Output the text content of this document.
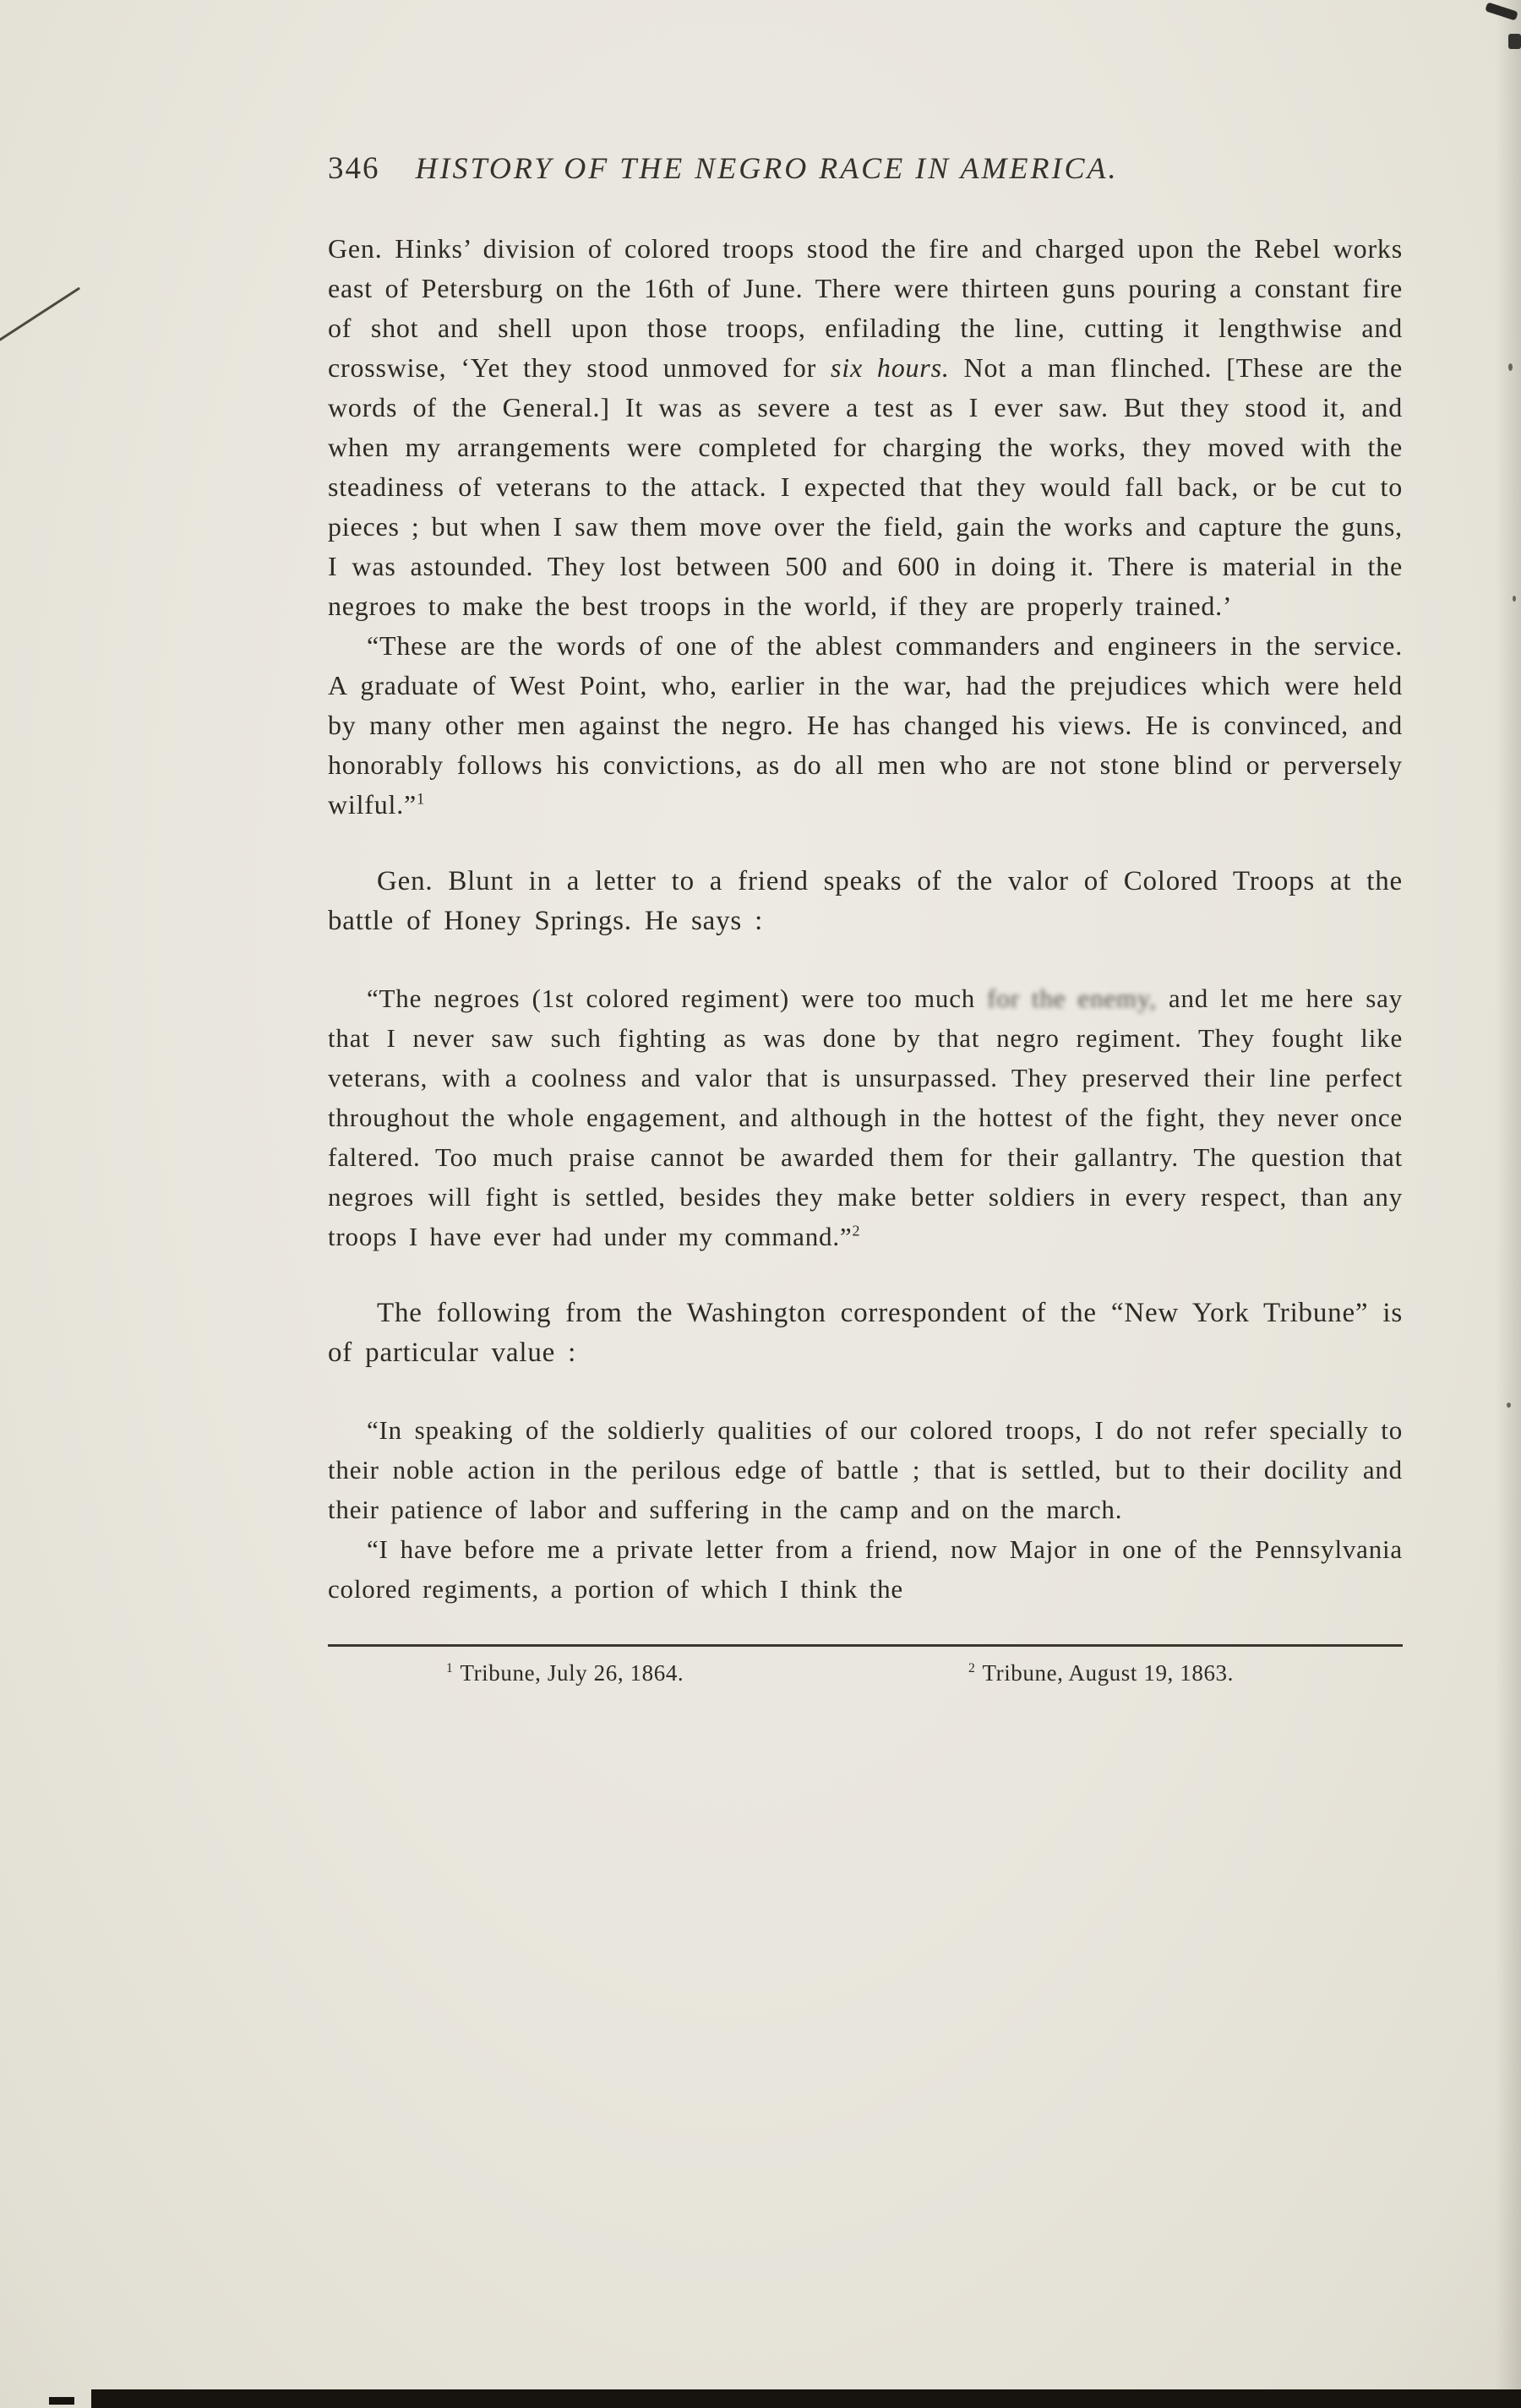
346 HISTORY OF THE NEGRO RACE IN AMERICA.

Gen. Hinks’ division of colored troops stood the fire and charged upon the Rebel works east of Petersburg on the 16th of June. There were thirteen guns pouring a constant fire of shot and shell upon those troops, enfilading the line, cutting it lengthwise and crosswise, ‘Yet they stood unmoved for six hours. Not a man flinched. [These are the words of the General.] It was as severe a test as I ever saw. But they stood it, and when my arrangements were completed for charging the works, they moved with the steadiness of veterans to the attack. I expected that they would fall back, or be cut to pieces ; but when I saw them move over the field, gain the works and capture the guns, I was astounded. They lost between 500 and 600 in doing it. There is material in the negroes to make the best troops in the world, if they are properly trained.’

“These are the words of one of the ablest commanders and engineers in the service. A graduate of West Point, who, earlier in the war, had the prejudices which were held by many other men against the negro. He has changed his views. He is convinced, and honorably follows his convictions, as do all men who are not stone blind or perversely wilful.”$^1$

Gen. Blunt in a letter to a friend speaks of the valor of Colored Troops at the battle of Honey Springs. He says :

“The negroes (1st colored regiment) were too much for the enemy, and let me here say that I never saw such fighting as was done by that negro regiment. They fought like veterans, with a coolness and valor that is unsurpassed. They preserved their line perfect throughout the whole engagement, and although in the hottest of the fight, they never once faltered. Too much praise cannot be awarded them for their gallantry. The question that negroes will fight is settled, besides they make better soldiers in every respect, than any troops I have ever had under my command.”$^2$

The following from the Washington correspondent of the “New York Tribune” is of particular value :

“In speaking of the soldierly qualities of our colored troops, I do not refer specially to their noble action in the perilous edge of battle ; that is settled, but to their docility and their patience of labor and suffering in the camp and on the march.

“I have before me a private letter from a friend, now Major in one of the Pennsylvania colored regiments, a portion of which I think the

$^1$ Tribune, July 26, 1864.	$^2$ Tribune, August 19, 1863.
